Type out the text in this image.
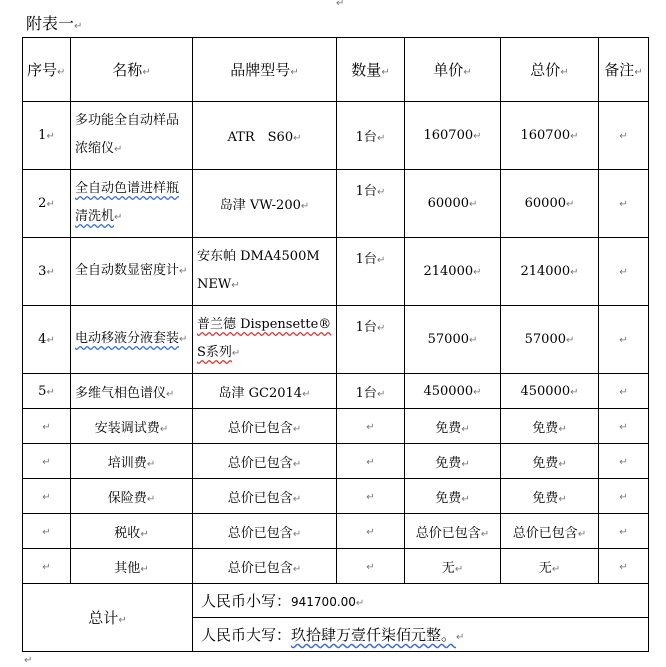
↵
附表一↵
序号↵	名称↵	品牌型号↵	数量↵	单价↵	总价↵	备注↵
1↵	多功能全自动样品浓缩仪↵	ATR　S60↵	1台↵	160700↵	160700↵	↵
2↵	全自动色谱进样瓶清洗机↵	岛津 VW-200↵	1台↵	60000↵	60000↵	↵
3↵	全自动数显密度计↵	安东帕 DMA4500M NEW↵	1台↵	214000↵	214000↵	↵
4↵	电动移液分液套装↵	普兰德 Dispensette® S系列↵	1台↵	57000↵	57000↵	↵
5↵	多维气相色谱仪↵	岛津 GC2014↵	1台↵	450000↵	450000↵	↵
↵	安装调试费↵	总价已包含↵	↵	免费↵	免费↵	↵
↵	培训费↵	总价已包含↵	↵	免费↵	免费↵	↵
↵	保险费↵	总价已包含↵	↵	免费↵	免费↵	↵
↵	税收↵	总价已包含↵	↵	总价已包含↵	总价已包含↵	↵
↵	其他↵	总价已包含↵	↵	无↵	无↵	↵
总计↵		人民币小写：941700.00↵				
		人民币大写：玖拾肆万壹仟柒佰元整。↵				
↵
